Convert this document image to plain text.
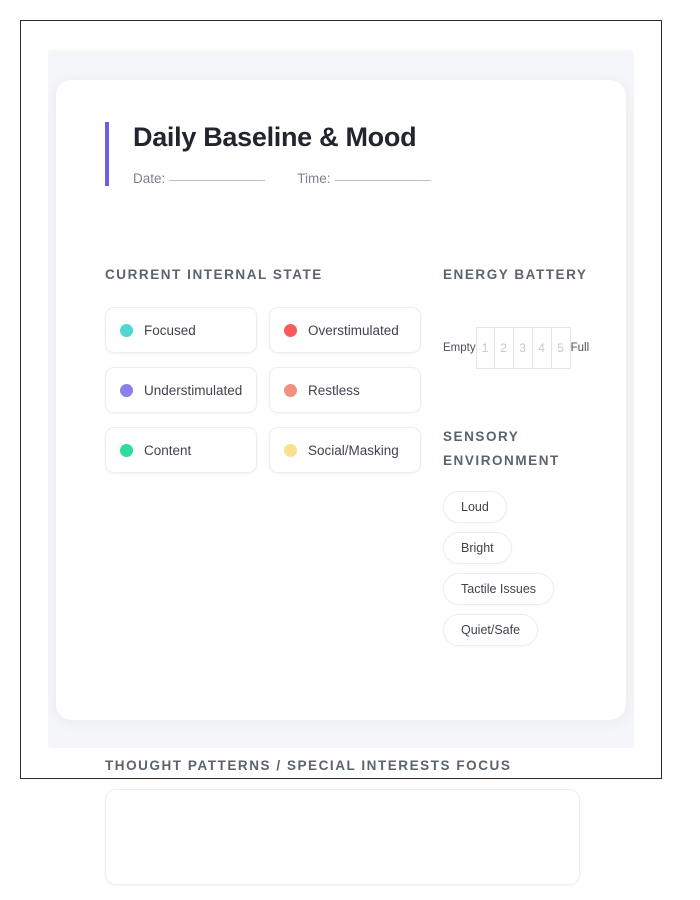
Daily Baseline & Mood
Date:	Time:
CURRENT INTERNAL STATE
Focused	Overstimulated
Understimulated	Restless
Content	Social/Masking
ENERGY BATTERY
Empty 1 2	3	4	5 Full
SENSORY ENVIRONMENT
Loud
Bright
Tactile Issues
Quiet/Safe
THOUGHT PATTERNS / SPECIAL INTERESTS FOCUS
